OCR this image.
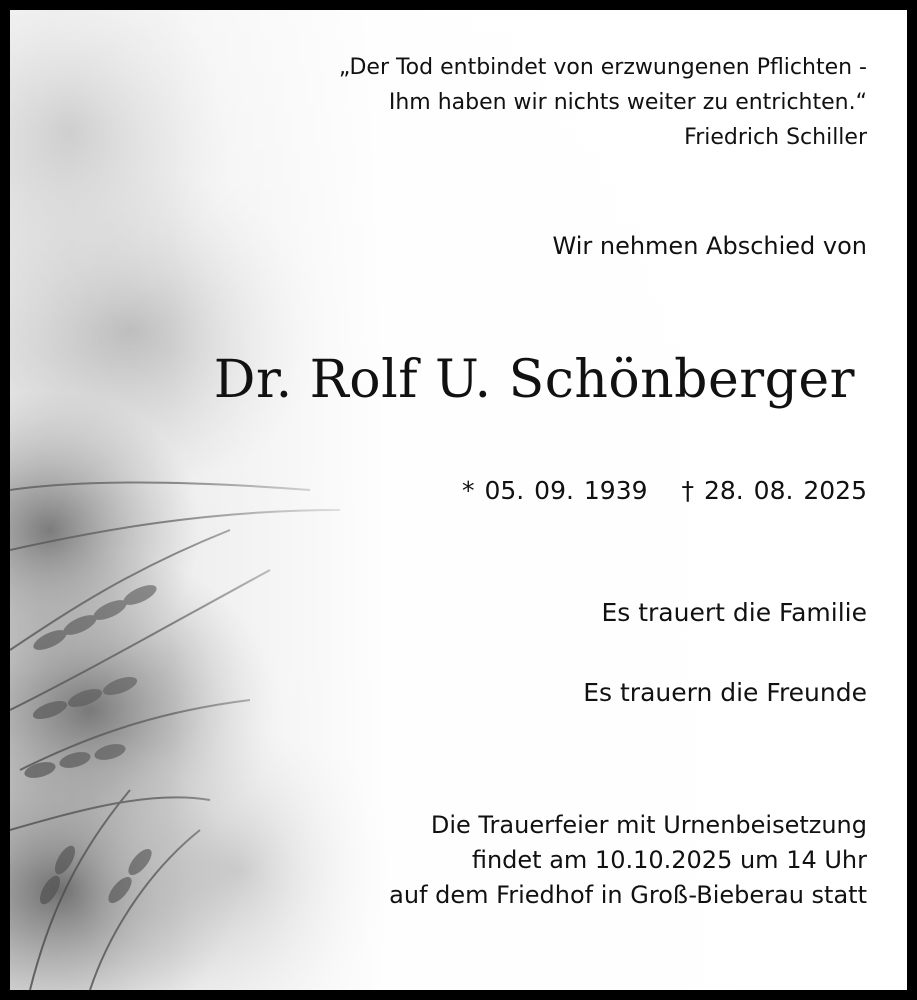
„Der Tod entbindet von erzwungenen Pflichten -
Ihm haben wir nichts weiter zu entrichten.“
Friedrich Schiller
Wir nehmen Abschied von
Dr. Rolf U. Schönberger
* 05. 09. 1939 † 28. 08. 2025
Es trauert die Familie
Es trauern die Freunde
Die Trauerfeier mit Urnenbeisetzung
findet am 10.10.2025 um 14 Uhr
auf dem Friedhof in Groß-Bieberau statt
